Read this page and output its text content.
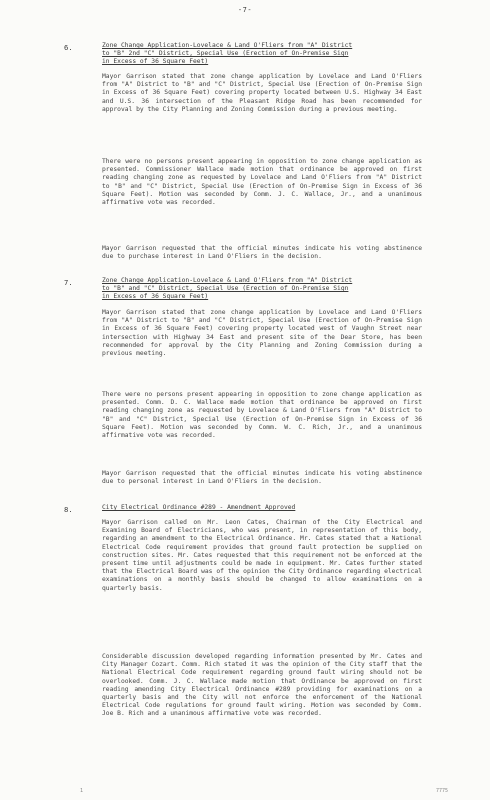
-7-
6.	Zone Change Application-Lovelace & Land O'Fliers from "A" District
to "B" 2nd "C" District, Special Use (Erection of On-Premise Sign
in Excess of 36 Square Feet)
Mayor Garrison stated that zone change application by Lovelace and Land O'Fliers from "A" District to "B" and "C" District, Special Use (Erection of On-Premise Sign in Excess of 36 Square Feet) covering property located between U.S. Highway 34 East and U.S. 36 intersection of the Pleasant Ridge Road has been recommended for approval by the City Planning and Zoning Commission during a previous meeting.
There were no persons present appearing in opposition to zone change application as presented. Commissioner Wallace made motion that ordinance be approved on first reading changing zone as requested by Lovelace and Land O'Fliers from "A" District to "B" and "C" District, Special Use (Erection of On-Premise Sign in Excess of 36 Square Feet). Motion was seconded by Comm. J. C. Wallace, Jr., and a unanimous affirmative vote was recorded.
Mayor Garrison requested that the official minutes indicate his voting abstinence due to purchase interest in Land O'Fliers in the decision.
7.	Zone Change Application-Lovelace & Land O'Fliers from "A" District
to "B" and "C" District, Special Use (Erection of On-Premise Sign
in Excess of 36 Square Feet)
Mayor Garrison stated that zone change application by Lovelace and Land O'Fliers from "A" District to "B" and "C" District, Special Use (Erection of On-Premise Sign in Excess of 36 Square Feet) covering property located west of Vaughn Street near intersection with Highway 34 East and present site of the Dear Store, has been recommended for approval by the City Planning and Zoning Commission during a previous meeting.
There were no persons present appearing in opposition to zone change application as presented. Comm. D. C. Wallace made motion that ordinance be approved on first reading changing zone as requested by Lovelace & Land O'Fliers from "A" District to "B" and "C" District, Special Use (Erection of On-Premise Sign in Excess of 36 Square Feet). Motion was seconded by Comm. W. C. Rich, Jr., and a unanimous affirmative vote was recorded.
Mayor Garrison requested that the official minutes indicate his voting abstinence due to personal interest in Land O'Fliers in the decision.
8.	City Electrical Ordinance #289 - Amendment Approved
Mayor Garrison called on Mr. Leon Cates, Chairman of the City Electrical and Examining Board of Electricians, who was present, in representation of this body, regarding an amendment to the Electrical Ordinance. Mr. Cates stated that a National Electrical Code requirement provides that ground fault protection be supplied on construction sites. Mr. Cates requested that this requirement not be enforced at the present time until adjustments could be made in equipment. Mr. Cates further stated that the Electrical Board was of the opinion the City Ordinance regarding electrical examinations on a monthly basis should be changed to allow examinations on a quarterly basis.
Considerable discussion developed regarding information presented by Mr. Cates and City Manager Cozart. Comm. Rich stated it was the opinion of the City staff that the National Electrical Code requirement regarding ground fault wiring should not be overlooked. Comm. J. C. Wallace made motion that Ordinance be approved on first reading amending City Electrical Ordinance #289 providing for examinations on a quarterly basis and the City will not enforce the enforcement of the National Electrical Code regulations for ground fault wiring. Motion was seconded by Comm. Joe B. Rich and a unanimous affirmative vote was recorded.
1	7775
